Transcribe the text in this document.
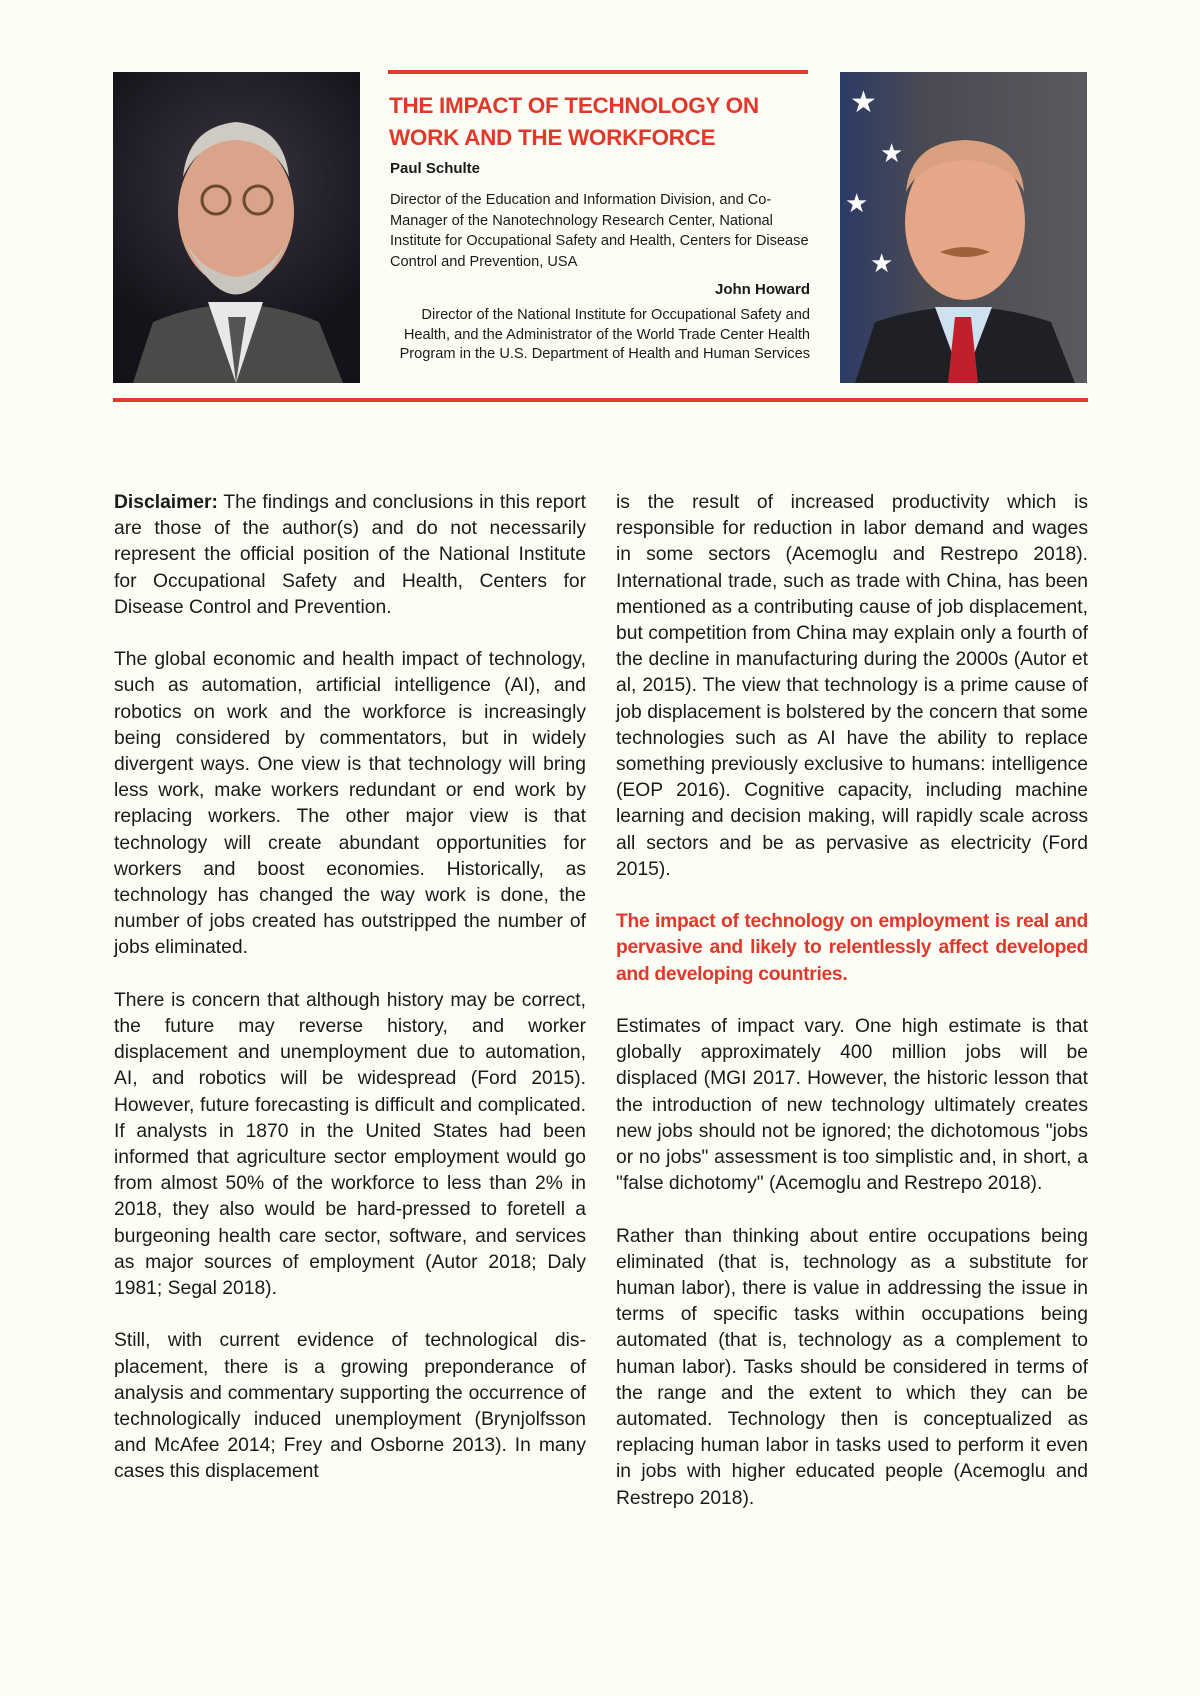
THE IMPACT OF TECHNOLOGY ON WORK AND THE WORKFORCE
Paul Schulte
Director of the Education and Information Division, and Co-Manager of the Nanotechnology Research Center, National Institute for Occupational Safety and Health, Centers for Disease Control and Prevention, USA
John Howard
Director of the National Institute for Occupational Safety and Health, and the Administrator of the World Trade Center Health Program in the U.S. Department of Health and Human Services
★
★
★
★

Disclaimer: The findings and conclusions in this report are those of the author(s) and do not necessarily represent the official position of the National Institute for Occupational Safety and Health, Centers for Disease Control and Prevention.

The global economic and health impact of technology, such as automation, artificial intelligence (AI), and robotics on work and the workforce is increasingly being considered by commentators, but in widely divergent ways. One view is that technology will bring less work, make workers redundant or end work by replacing workers. The other major view is that technology will create abundant opportunities for workers and boost economies. Historically, as technology has changed the way work is done, the number of jobs created has outstripped the number of jobs eliminated.

There is concern that although history may be correct, the future may reverse history, and worker displacement and unemployment due to automation, AI, and robotics will be widespread (Ford 2015). However, future forecasting is difficult and complicated. If analysts in 1870 in the United States had been informed that agriculture sector employment would go from almost 50% of the workforce to less than 2% in 2018, they also would be hard-pressed to foretell a burgeoning health care sector, software, and services as major sources of employment (Autor 2018; Daly 1981; Segal 2018).

Still, with current evidence of technological displacement, there is a growing preponderance of analysis and commentary supporting the occurrence of technologically induced unemployment (Brynjolfsson and McAfee 2014; Frey and Osborne 2013). In many cases this displacement

is the result of increased productivity which is responsible for reduction in labor demand and wages in some sectors (Acemoglu and Restrepo 2018). International trade, such as trade with China, has been mentioned as a contributing cause of job displacement, but competition from China may explain only a fourth of the decline in manufacturing during the 2000s (Autor et al, 2015). The view that technology is a prime cause of job displacement is bolstered by the concern that some technologies such as AI have the ability to replace something previously exclusive to humans: intelligence (EOP 2016). Cognitive capacity, including machine learning and decision making, will rapidly scale across all sectors and be as pervasive as electricity (Ford 2015).

The impact of technology on employment is real and pervasive and likely to relentlessly affect developed and developing countries.

Estimates of impact vary. One high estimate is that globally approximately 400 million jobs will be displaced (MGI 2017. However, the historic lesson that the introduction of new technology ultimately creates new jobs should not be ignored; the dichotomous "jobs or no jobs" assessment is too simplistic and, in short, a "false dichotomy" (Acemoglu and Restrepo 2018).

Rather than thinking about entire occupations being eliminated (that is, technology as a substitute for human labor), there is value in addressing the issue in terms of specific tasks within occupations being automated (that is, technology as a complement to human labor). Tasks should be considered in terms of the range and the extent to which they can be automated. Technology then is conceptualized as replacing human labor in tasks used to perform it even in jobs with higher educated people (Acemoglu and Restrepo 2018).
